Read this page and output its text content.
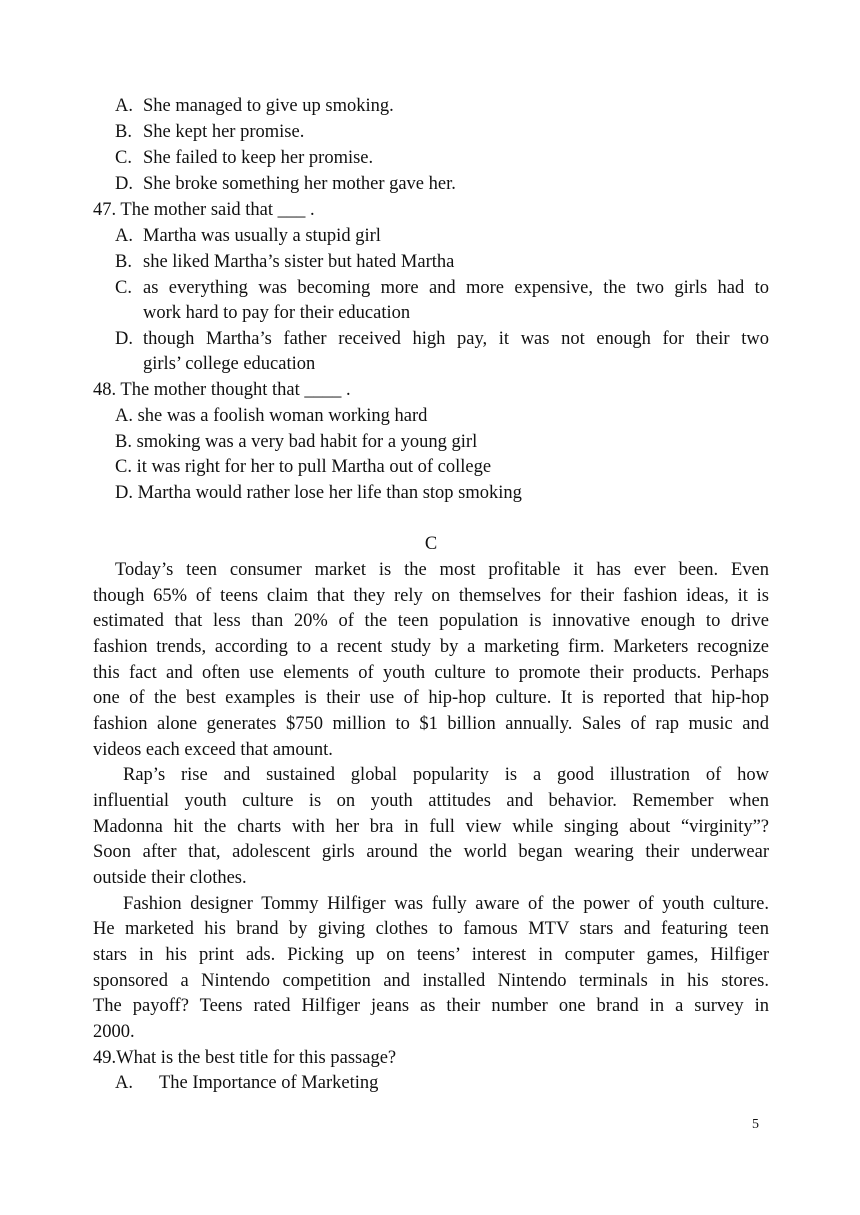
A. She managed to give up smoking.
B. She kept her promise.
C. She failed to keep her promise.
D. She broke something her mother gave her.
47. The mother said that ___ .
A. Martha was usually a stupid girl
B. she liked Martha’s sister but hated Martha
C. as everything was becoming more and more expensive, the two girls had to
work hard to pay for their education
D. though Martha’s father received high pay, it was not enough for their two
girls’ college education
48. The mother thought that ____ .
A. she was a foolish woman working hard
B. smoking was a very bad habit for a young girl
C. it was right for her to pull Martha out of college
D. Martha would rather lose her life than stop smoking
C
Today’s teen consumer market is the most profitable it has ever been. Even
though 65% of teens claim that they rely on themselves for their fashion ideas, it is
estimated that less than 20% of the teen population is innovative enough to drive
fashion trends, according to a recent study by a marketing firm. Marketers recognize
this fact and often use elements of youth culture to promote their products. Perhaps
one of the best examples is their use of hip-hop culture. It is reported that hip-hop
fashion alone generates $750 million to $1 billion annually. Sales of rap music and
videos each exceed that amount.
Rap’s rise and sustained global popularity is a good illustration of how
influential youth culture is on youth attitudes and behavior. Remember when
Madonna hit the charts with her bra in full view while singing about “virginity”?
Soon after that, adolescent girls around the world began wearing their underwear
outside their clothes.
Fashion designer Tommy Hilfiger was fully aware of the power of youth culture.
He marketed his brand by giving clothes to famous MTV stars and featuring teen
stars in his print ads. Picking up on teens’ interest in computer games, Hilfiger
sponsored a Nintendo competition and installed Nintendo terminals in his stores.
The payoff? Teens rated Hilfiger jeans as their number one brand in a survey in
2000.
49.What is the best title for this passage?
A. The Importance of Marketing
5
